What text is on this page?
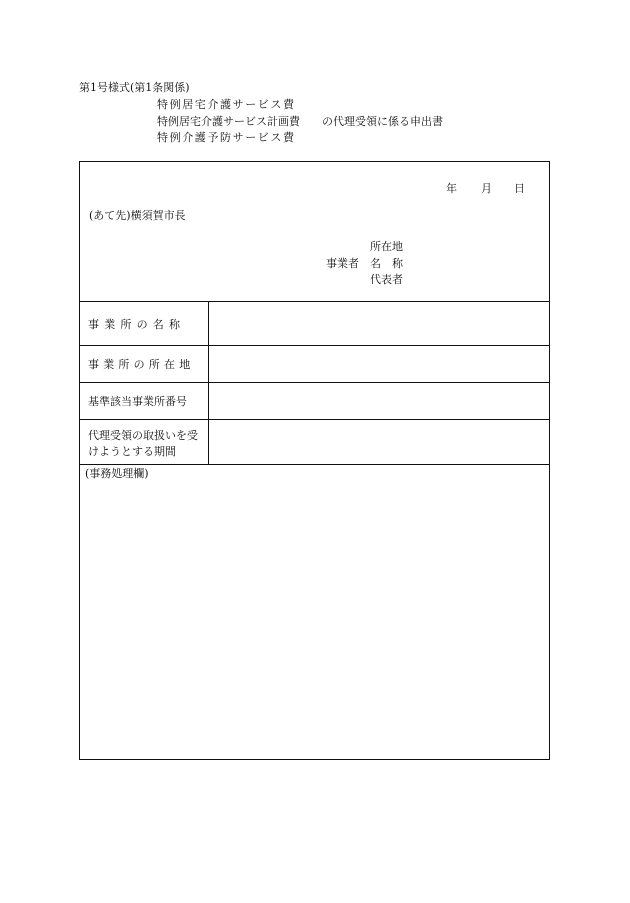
第1号様式(第1条関係)
特例居宅介護サービス費
特例居宅介護サービス計画費
特例介護予防サービス費
の代理受領に係る申出書
年 月 日
(あて先)横須賀市長
所在地
事業者 名　称
代表者
事業所の名称
事業所の所在地
基準該当事業所番号
代理受領の取扱いを受
けようとする期間
(事務処理欄)
